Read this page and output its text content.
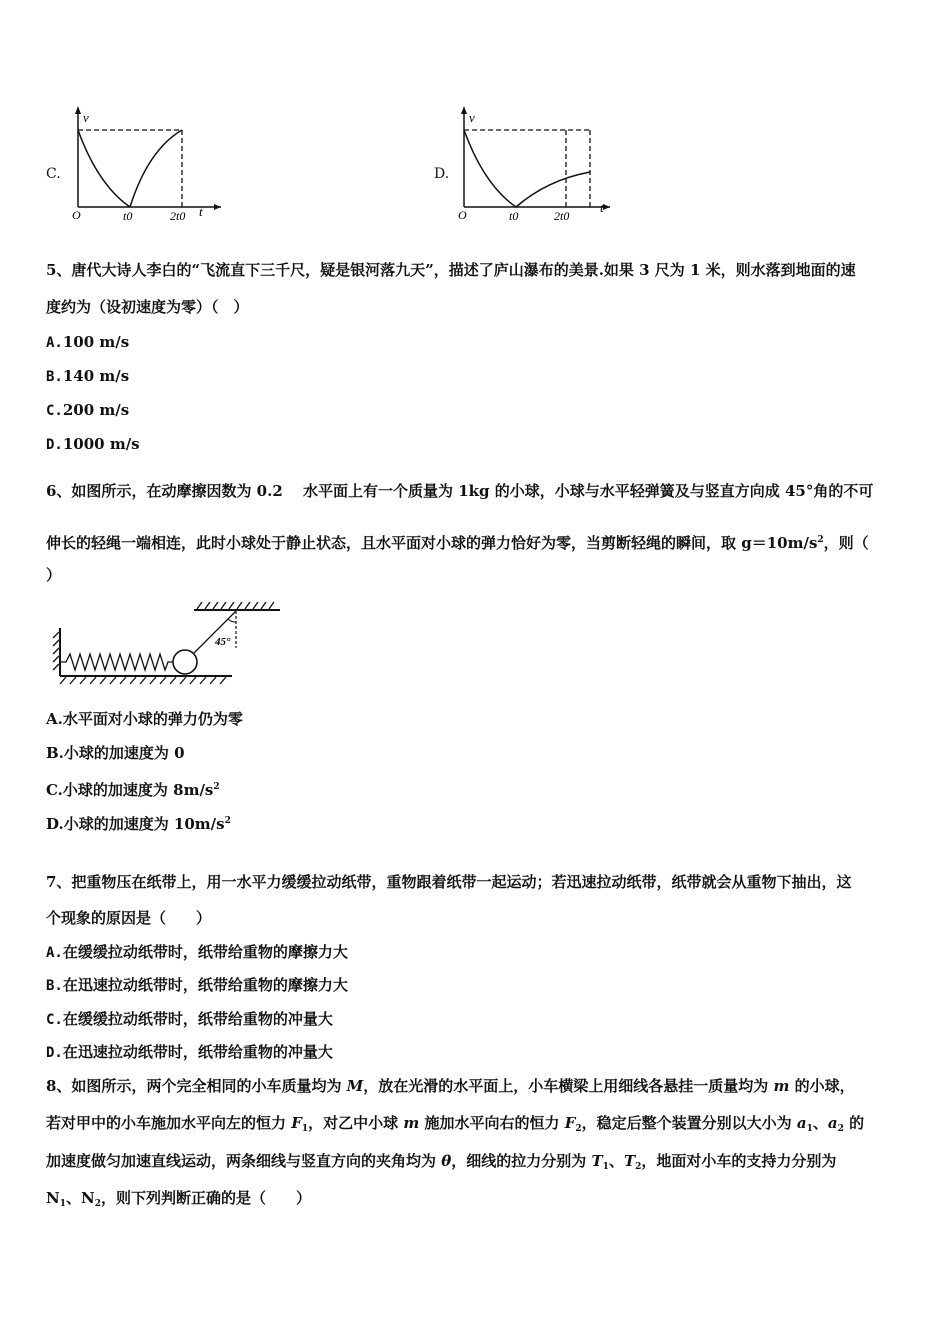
C.
v
t
O	t0	2t0
D.
v
t
O	t0	2t0
5、唐代大诗人李白的“飞流直下三千尺，疑是银河落九天”，描述了庐山瀑布的美景.如果 3 尺为 1 米，则水落到地面的速
度约为（设初速度为零）（　）
A.100 m/s
B.140 m/s
C.200 m/s
D.1000 m/s
6、如图所示，在动摩擦因数为 0.2　 水平面上有一个质量为 1kg 的小球，小球与水平轻弹簧及与竖直方向成 45°角的不可
伸长的轻绳一端相连，此时小球处于静止状态，且水平面对小球的弹力恰好为零，当剪断轻绳的瞬间，取 $g=10m/s^2$，则（
）
45°
A.水平面对小球的弹力仍为零
B.小球的加速度为 0
C.小球的加速度为 $8m/s^2$
D.小球的加速度为 $10m/s^2$
7、把重物压在纸带上，用一水平力缓缓拉动纸带，重物跟着纸带一起运动；若迅速拉动纸带，纸带就会从重物下抽出，这
个现象的原因是（　　）
A.在缓缓拉动纸带时，纸带给重物的摩擦力大
B.在迅速拉动纸带时，纸带给重物的摩擦力大
C.在缓缓拉动纸带时，纸带给重物的冲量大
D.在迅速拉动纸带时，纸带给重物的冲量大
8、如图所示，两个完全相同的小车质量均为 M，放在光滑的水平面上，小车横梁上用细线各悬挂一质量均为 m 的小球，
若对甲中的小车施加水平向左的恒力 $F_1$，对乙中小球 m 施加水平向右的恒力 $F_2$，稳定后整个装置分别以大小为 $a_1$、$a_2$ 的
加速度做匀加速直线运动，两条细线与竖直方向的夹角均为 θ，细线的拉力分别为 $T_1$、$T_2$，地面对小车的支持力分别为
$N_1$、$N_2$，则下列判断正确的是（　　）
